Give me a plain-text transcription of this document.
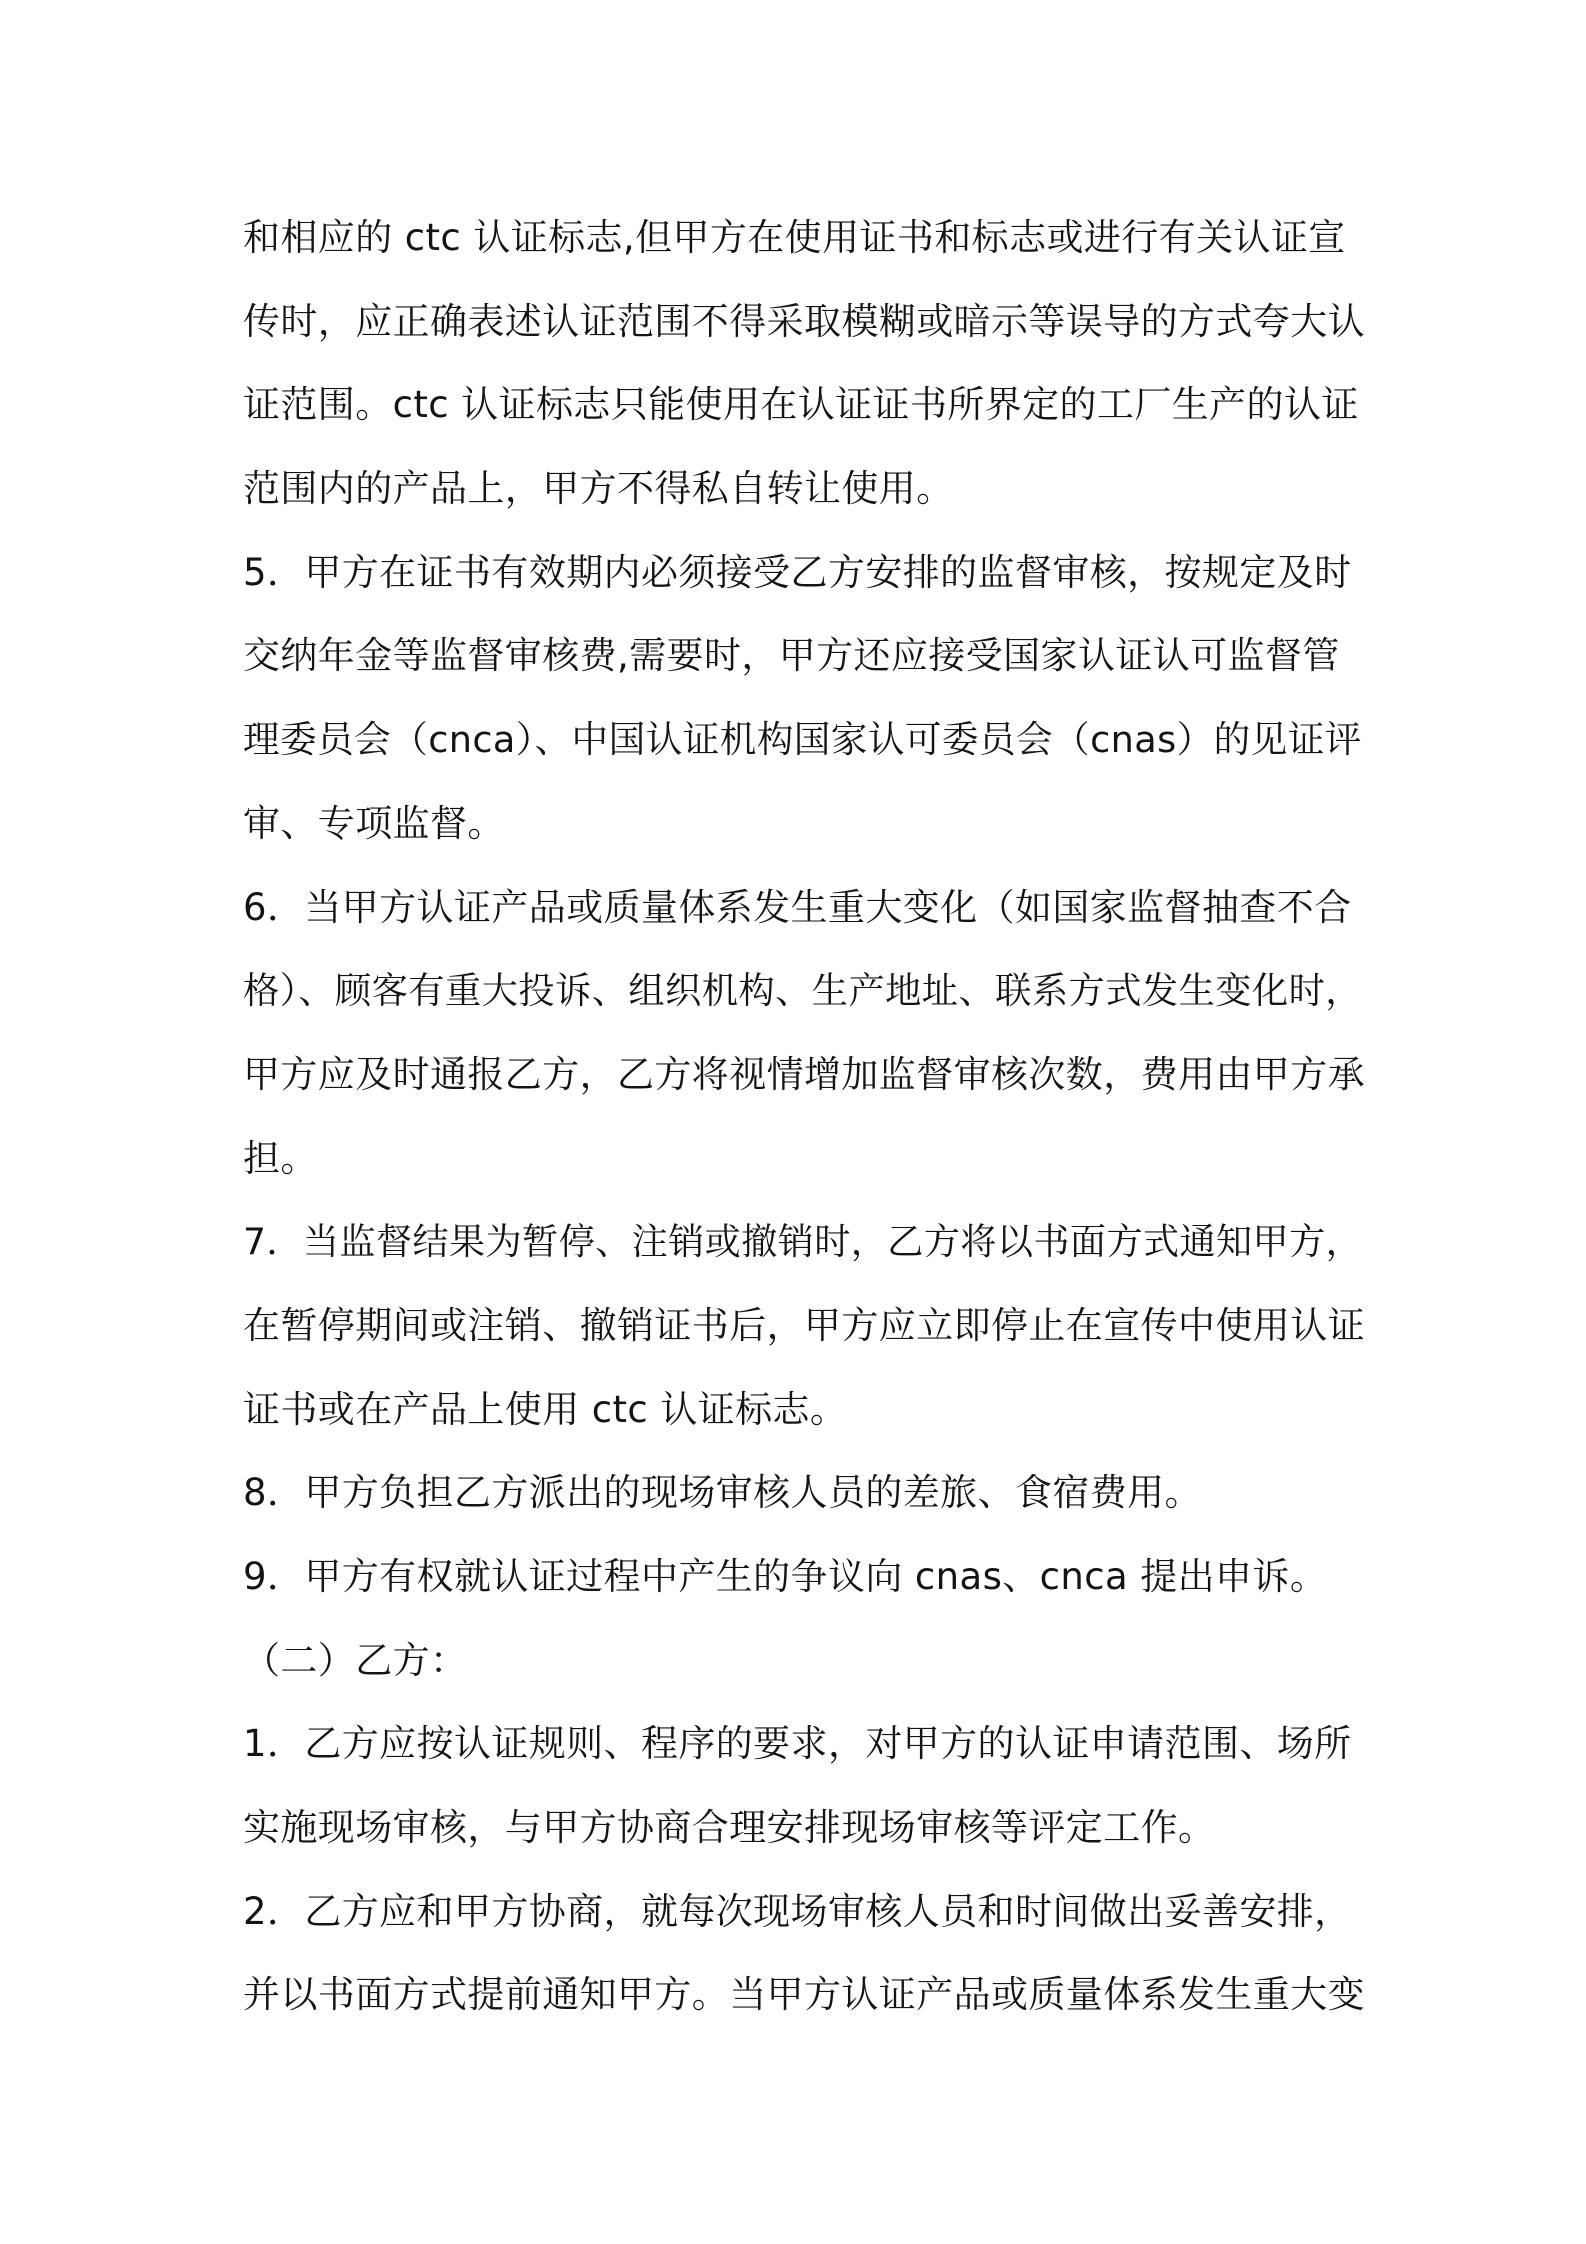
和相应的 ctc 认证标志,但甲方在使用证书和标志或进行有关认证宣
传时，应正确表述认证范围不得采取模糊或暗示等误导的方式夸大认
证范围。ctc 认证标志只能使用在认证证书所界定的工厂生产的认证
范围内的产品上，甲方不得私自转让使用。
5．甲方在证书有效期内必须接受乙方安排的监督审核，按规定及时
交纳年金等监督审核费,需要时，甲方还应接受国家认证认可监督管
理委员会（cnca）、中国认证机构国家认可委员会（cnas）的见证评
审、专项监督。
6．当甲方认证产品或质量体系发生重大变化（如国家监督抽查不合
格）、顾客有重大投诉、组织机构、生产地址、联系方式发生变化时，
甲方应及时通报乙方，乙方将视情增加监督审核次数，费用由甲方承
担。
7．当监督结果为暂停、注销或撤销时，乙方将以书面方式通知甲方，
在暂停期间或注销、撤销证书后，甲方应立即停止在宣传中使用认证
证书或在产品上使用 ctc 认证标志。
8．甲方负担乙方派出的现场审核人员的差旅、食宿费用。
9．甲方有权就认证过程中产生的争议向 cnas、cnca 提出申诉。
（二）乙方：
1．乙方应按认证规则、程序的要求，对甲方的认证申请范围、场所
实施现场审核，与甲方协商合理安排现场审核等评定工作。
2．乙方应和甲方协商，就每次现场审核人员和时间做出妥善安排，
并以书面方式提前通知甲方。当甲方认证产品或质量体系发生重大变
